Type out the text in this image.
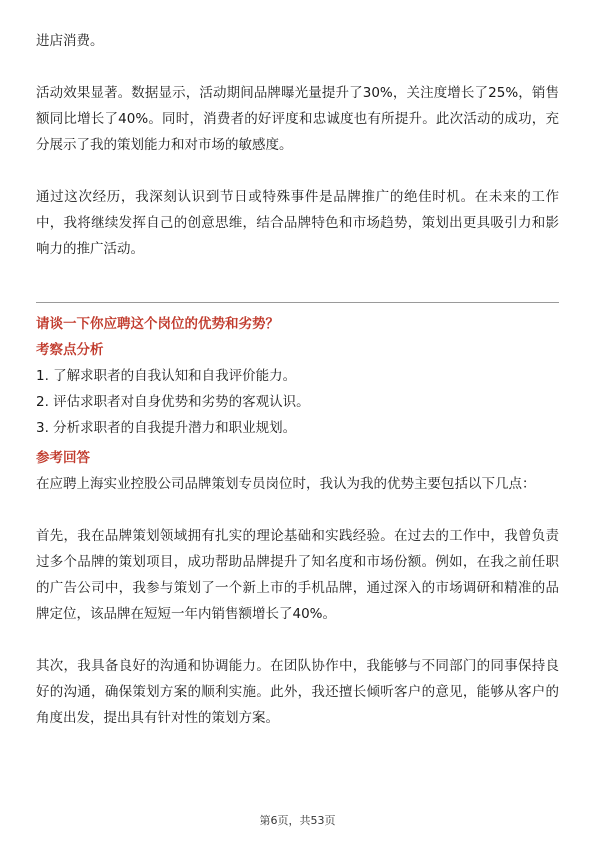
进店消费。

活动效果显著。数据显示，活动期间品牌曝光量提升了30%，关注度增长了25%，销售额同比增长了40%。同时，消费者的好评度和忠诚度也有所提升。此次活动的成功，充分展示了我的策划能力和对市场的敏感度。

通过这次经历，我深刻认识到节日或特殊事件是品牌推广的绝佳时机。在未来的工作中，我将继续发挥自己的创意思维，结合品牌特色和市场趋势，策划出更具吸引力和影响力的推广活动。

请谈一下你应聘这个岗位的优势和劣势？

考察点分析

1. 了解求职者的自我认知和自我评价能力。

2. 评估求职者对自身优势和劣势的客观认识。

3. 分析求职者的自我提升潜力和职业规划。

参考回答

在应聘上海实业控股公司品牌策划专员岗位时，我认为我的优势主要包括以下几点：

首先，我在品牌策划领域拥有扎实的理论基础和实践经验。在过去的工作中，我曾负责过多个品牌的策划项目，成功帮助品牌提升了知名度和市场份额。例如，在我之前任职的广告公司中，我参与策划了一个新上市的手机品牌，通过深入的市场调研和精准的品牌定位，该品牌在短短一年内销售额增长了40%。

其次，我具备良好的沟通和协调能力。在团队协作中，我能够与不同部门的同事保持良好的沟通，确保策划方案的顺利实施。此外，我还擅长倾听客户的意见，能够从客户的角度出发，提出具有针对性的策划方案。

第6页，共53页
